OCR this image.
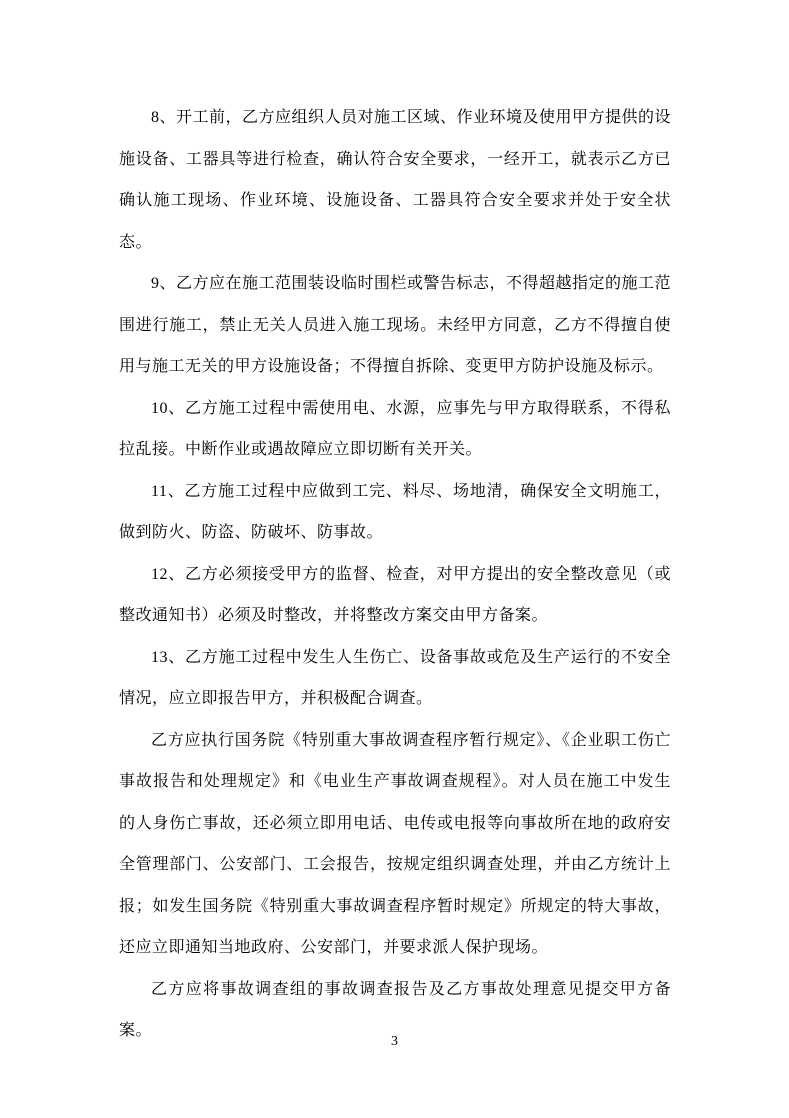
8、开工前，乙方应组织人员对施工区域、作业环境及使用甲方提供的设施设备、工器具等进行检查，确认符合安全要求，一经开工，就表示乙方已确认施工现场、作业环境、设施设备、工器具符合安全要求并处于安全状态。

9、乙方应在施工范围装设临时围栏或警告标志，不得超越指定的施工范围进行施工，禁止无关人员进入施工现场。未经甲方同意，乙方不得擅自使用与施工无关的甲方设施设备；不得擅自拆除、变更甲方防护设施及标示。

10、乙方施工过程中需使用电、水源，应事先与甲方取得联系，不得私拉乱接。中断作业或遇故障应立即切断有关开关。

11、乙方施工过程中应做到工完、料尽、场地清，确保安全文明施工，做到防火、防盗、防破坏、防事故。

12、乙方必须接受甲方的监督、检查，对甲方提出的安全整改意见（或整改通知书）必须及时整改，并将整改方案交由甲方备案。

13、乙方施工过程中发生人生伤亡、设备事故或危及生产运行的不安全情况，应立即报告甲方，并积极配合调查。

乙方应执行国务院《特别重大事故调查程序暂行规定》、《企业职工伤亡事故报告和处理规定》和《电业生产事故调查规程》。对人员在施工中发生的人身伤亡事故，还必须立即用电话、电传或电报等向事故所在地的政府安全管理部门、公安部门、工会报告，按规定组织调查处理，并由乙方统计上报；如发生国务院《特别重大事故调查程序暂时规定》所规定的特大事故，还应立即通知当地政府、公安部门，并要求派人保护现场。

乙方应将事故调查组的事故调查报告及乙方事故处理意见提交甲方备案。

3
